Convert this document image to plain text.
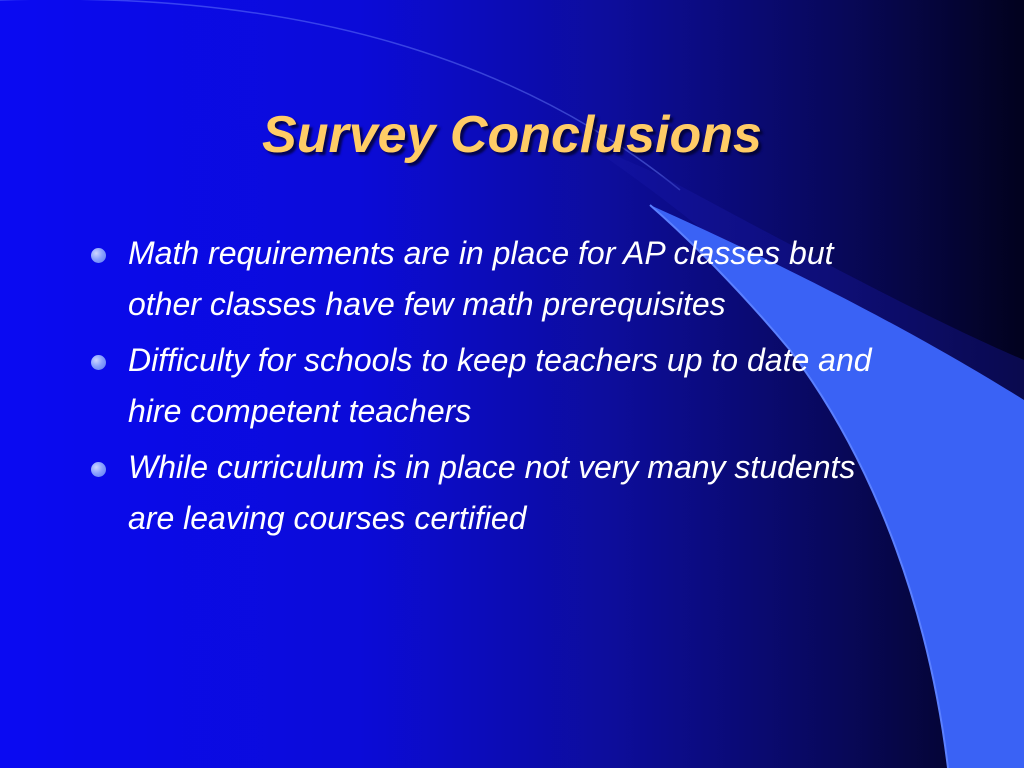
Survey Conclusions
Math requirements are in place for AP classes but other classes have few math prerequisites
Difficulty for schools to keep teachers up to date and hire competent teachers
While curriculum is in place not very many students are leaving courses certified
